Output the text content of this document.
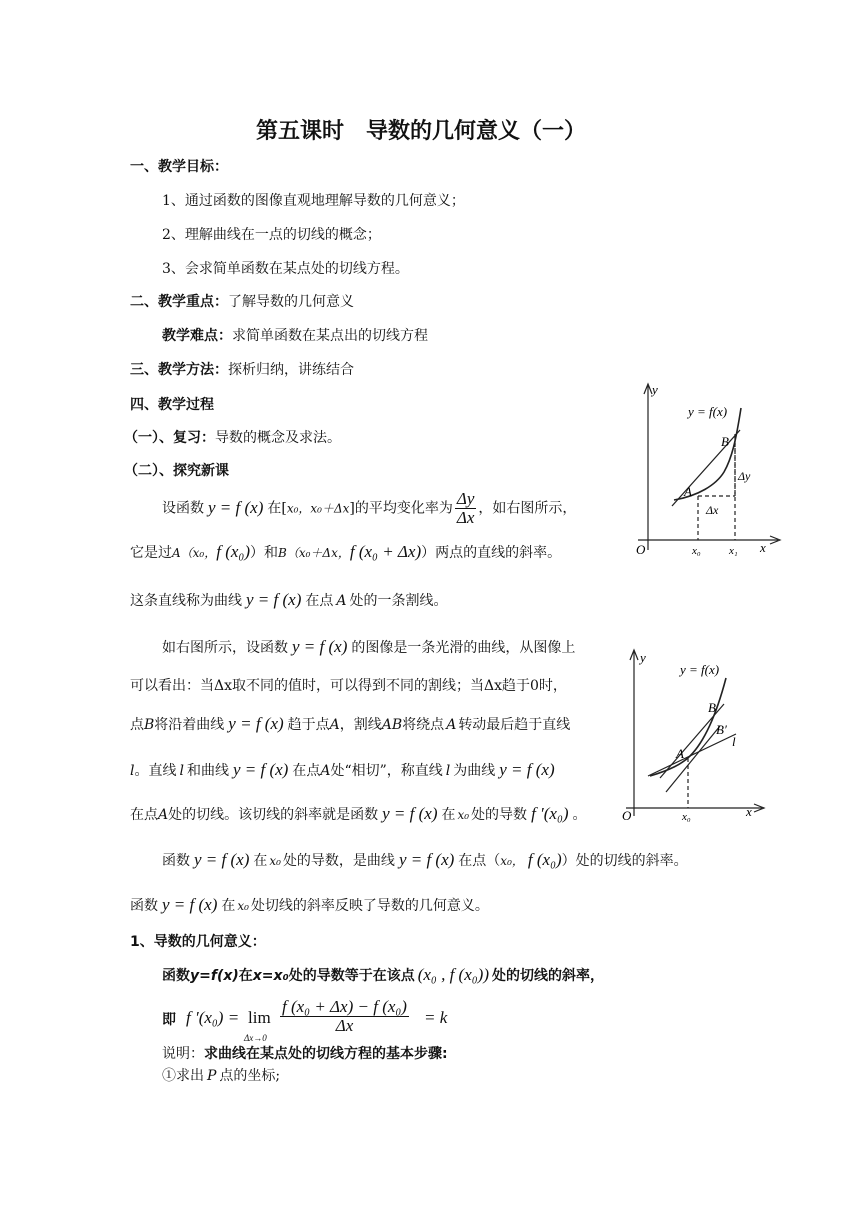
第五课时　导数的几何意义（一）
一、教学目标：
1、通过函数的图像直观地理解导数的几何意义；
2、理解曲线在一点的切线的概念；
3、会求简单函数在某点处的切线方程。
二、教学重点：了解导数的几何意义
教学难点：求简单函数在某点出的切线方程
三、教学方法：探析归纳，讲练结合
四、教学过程
（一）、复习：导数的概念及求法。
（二）、探究新课
设函数 y = f (x) 在[x₀，x₀＋Δx]的平均变化率为 $\frac{\Delta y}{\Delta x}$ ，如右图所示，
它是过A（x₀，f (x₀)）和B（x₀＋Δx，f (x₀ + Δx)）两点的直线的斜率。
这条直线称为曲线 y = f (x) 在点 A 处的一条割线。
如右图所示，设函数 y = f (x) 的图像是一条光滑的曲线，从图像上
可以看出：当Δx取不同的值时，可以得到不同的割线；当Δx趋于0时，
点B将沿着曲线 y = f (x) 趋于点A，割线AB将绕点 A 转动最后趋于直线
l。直线 l 和曲线 y = f (x) 在点A处“相切”，称直线 l 为曲线 y = f (x)
在点A处的切线。该切线的斜率就是函数 y = f (x) 在 x₀ 处的导数 f ′(x₀) 。
函数 y = f (x) 在 x₀ 处的导数，是曲线 y = f (x) 在点（x₀， f (x₀)）处的切线的斜率。
函数 y = f (x) 在 x₀ 处切线的斜率反映了导数的几何意义。
1、导数的几何意义：
函数y=f(x)在x=x₀处的导数等于在该点 (x₀ , f (x₀)) 处的切线的斜率，
即 f ′(x₀) = lim
Δx→0
$\frac{\text{f (x₀ + Δx) − f (x₀)}}{\Delta x} = k$
说明：求曲线在某点处的切线方程的基本步骤:
①求出 P 点的坐标;
y
x
O
y = f(x)
A
B
Δy
Δx
x₀	x₁
y
x
O
y = f(x)
A
B
B′
l
x₀
